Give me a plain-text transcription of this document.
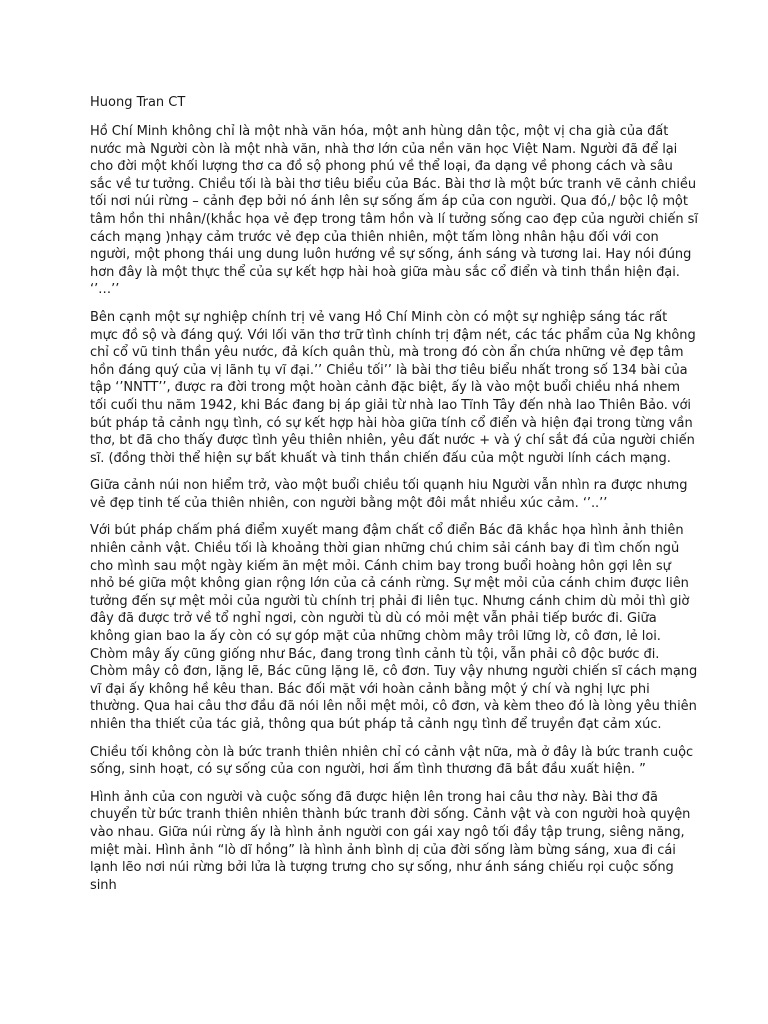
Huong Tran CT

Hồ Chí Minh không chỉ là một nhà văn hóa, một anh hùng dân tộc, một vị cha già của đất nước mà Người còn là một nhà văn, nhà thơ lớn của nền văn học Việt Nam. Người đã để lại cho đời một khối lượng thơ ca đồ sộ phong phú về thể loại, đa dạng về phong cách và sâu sắc về tư tưởng. Chiều tối là bài thơ tiêu biểu của Bác. Bài thơ là một bức tranh vẽ cảnh chiều tối nơi núi rừng – cảnh đẹp bởi nó ánh lên sự sống ấm áp của con người. Qua đó,/ bộc lộ một tâm hồn thi nhân/(khắc họa vẻ đẹp trong tâm hồn và lí tưởng sống cao đẹp của người chiến sĩ cách mạng )nhạy cảm trước vẻ đẹp của thiên nhiên, một tấm lòng nhân hậu đối với con người, một phong thái ung dung luôn hướng về sự sống, ánh sáng và tương lai. Hay nói đúng hơn đây là một thực thể của sự kết hợp hài hoà giữa màu sắc cổ điển và tinh thần hiện đại. ‘’…’’

Bên cạnh một sự nghiệp chính trị vẻ vang Hồ Chí Minh còn có một sự nghiệp sáng tác rất mực đồ sộ và đáng quý. Với lối văn thơ trữ tình chính trị đậm nét, các tác phẩm của Ng không chỉ cổ vũ tinh thần yêu nước, đả kích quân thù, mà trong đó còn ẩn chứa những vẻ đẹp tâm hồn đáng quý của vị lãnh tụ vĩ đại.’’ Chiều tối’’ là bài thơ tiêu biểu nhất trong số 134 bài của tập ‘’NNTT’’, được ra đời trong một hoàn cảnh đặc biệt, ấy là vào một buổi chiều nhá nhem tối cuối thu năm 1942, khi Bác đang bị áp giải từ nhà lao Tĩnh Tây đến nhà lao Thiên Bảo. với bút pháp tả cảnh ngụ tình, có sự kết hợp hài hòa giữa tính cổ điển và hiện đại trong từng vần thơ, bt đã cho thấy được tình yêu thiên nhiên, yêu đất nước + và ý chí sắt đá của người chiến sĩ. (đồng thời thể hiện sự bất khuất và tinh thần chiến đấu của một người lính cách mạng.

Giữa cảnh núi non hiểm trở, vào một buổi chiều tối quạnh hiu Người vẫn nhìn ra được nhưng vẻ đẹp tinh tế của thiên nhiên, con người bằng một đôi mắt nhiều xúc cảm. ‘’..’’

Với bút pháp chấm phá điểm xuyết mang đậm chất cổ điển Bác đã khắc họa hình ảnh thiên nhiên cảnh vật. Chiều tối là khoảng thời gian những chú chim sải cánh bay đi tìm chốn ngủ cho mình sau một ngày kiếm ăn mệt mỏi. Cánh chim bay trong buổi hoàng hôn gợi lên sự nhỏ bé giữa một không gian rộng lớn của cả cánh rừng. Sự mệt mỏi của cánh chim được liên tưởng đến sự mệt mỏi của người tù chính trị phải đi liên tục. Nhưng cánh chim dù mỏi thì giờ đây đã được trở về tổ nghỉ ngơi, còn người tù dù có mỏi mệt vẫn phải tiếp bước đi. Giữa không gian bao la ấy còn có sự góp mặt của những chòm mây trôi lững lờ, cô đơn, lẻ loi. Chòm mây ấy cũng giống như Bác, đang trong tình cảnh tù tội, vẫn phải cô độc bước đi. Chòm mây cô đơn, lặng lẽ, Bác cũng lặng lẽ, cô đơn. Tuy vậy nhưng người chiến sĩ cách mạng vĩ đại ấy không hề kêu than. Bác đối mặt với hoàn cảnh bằng một ý chí và nghị lực phi thường. Qua hai câu thơ đầu đã nói lên nỗi mệt mỏi, cô đơn, và kèm theo đó là lòng yêu thiên nhiên tha thiết của tác giả, thông qua bút pháp tả cảnh ngụ tình để truyền đạt cảm xúc.

Chiều tối không còn là bức tranh thiên nhiên chỉ có cảnh vật nữa, mà ở đây là bức tranh cuộc sống, sinh hoạt, có sự sống của con người, hơi ấm tình thương đã bắt đầu xuất hiện. ”

Hình ảnh của con người và cuộc sống đã được hiện lên trong hai câu thơ này. Bài thơ đã chuyển từ bức tranh thiên nhiên thành bức tranh đời sống. Cảnh vật và con người hoà quyện vào nhau. Giữa núi rừng ấy là hình ảnh người con gái xay ngô tối đầy tập trung, siêng năng, miệt mài. Hình ảnh “lò dĩ hồng” là hình ảnh bình dị của đời sống làm bừng sáng, xua đi cái lạnh lẽo nơi núi rừng bởi lửa là tượng trưng cho sự sống, như ánh sáng chiếu rọi cuộc sống sinh
